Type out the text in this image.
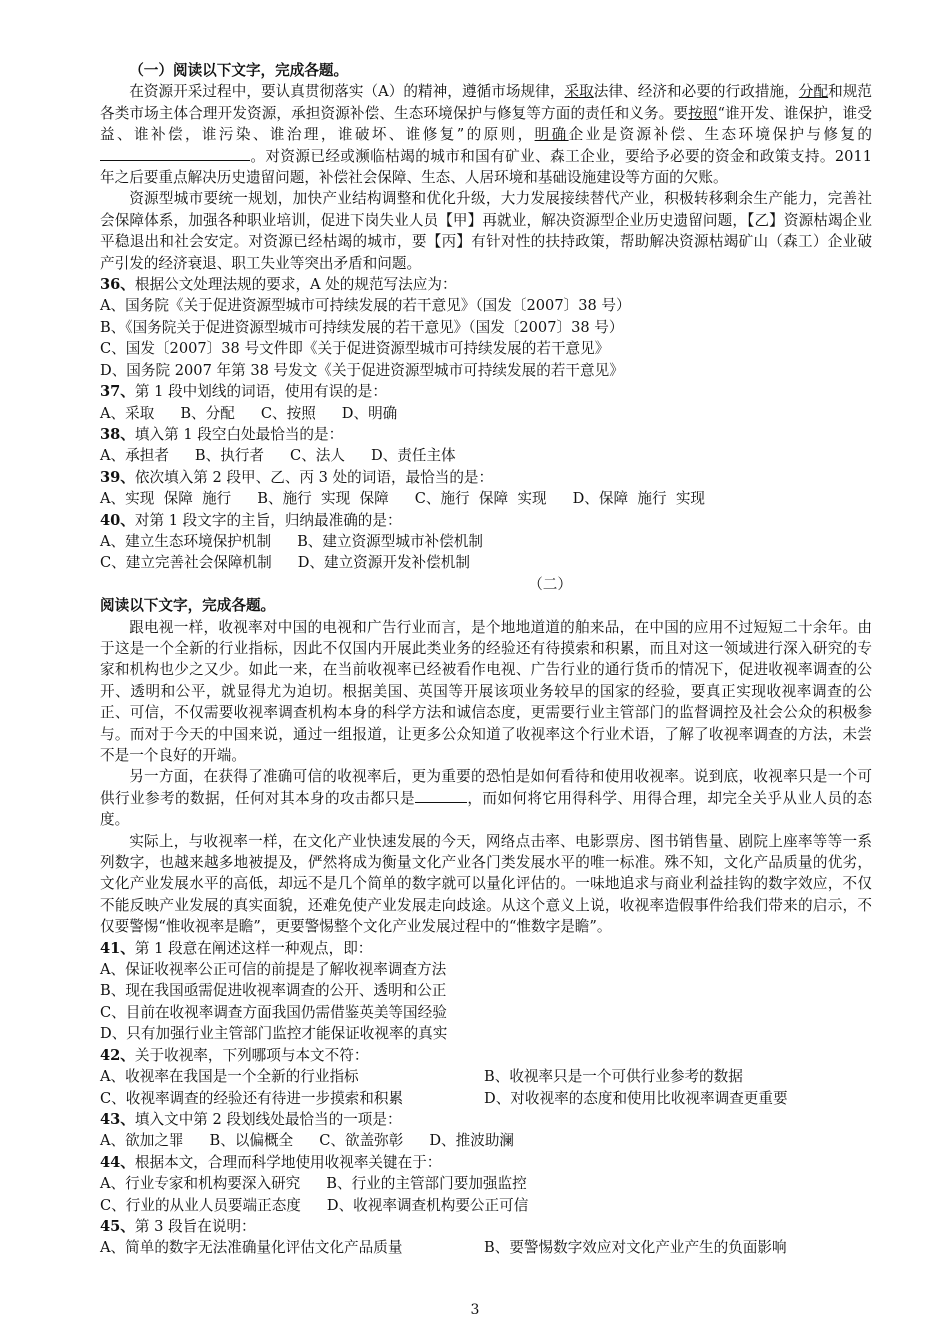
（一）阅读以下文字，完成各题。

在资源开采过程中，要认真贯彻落实（A）的精神，遵循市场规律，采取法律、经济和必要的行政措施，分配和规范各类市场主体合理开发资源，承担资源补偿、生态环境保护与修复等方面的责任和义务。要按照“谁开发、谁保护，谁受益、谁补偿，谁污染、谁治理，谁破坏、谁修复”的原则，明确企业是资源补偿、生态环境保护与修复的。对资源已经或濒临枯竭的城市和国有矿业、森工企业，要给予必要的资金和政策支持。2011 年之后要重点解决历史遗留问题，补偿社会保障、生态、人居环境和基础设施建设等方面的欠账。

资源型城市要统一规划，加快产业结构调整和优化升级，大力发展接续替代产业，积极转移剩余生产能力，完善社会保障体系，加强各种职业培训，促进下岗失业人员【甲】再就业，解决资源型企业历史遗留问题，【乙】资源枯竭企业平稳退出和社会安定。对资源已经枯竭的城市，要【丙】有针对性的扶持政策，帮助解决资源枯竭矿山（森工）企业破产引发的经济衰退、职工失业等突出矛盾和问题。

36、根据公文处理法规的要求，A 处的规范写法应为：

A、国务院《关于促进资源型城市可持续发展的若干意见》（国发〔2007〕38 号）

B、《国务院关于促进资源型城市可持续发展的若干意见》（国发〔2007〕38 号）

C、国发〔2007〕38 号文件即《关于促进资源型城市可持续发展的若干意见》

D、国务院 2007 年第 38 号发文《关于促进资源型城市可持续发展的若干意见》

37、第 1 段中划线的词语，使用有误的是：

A、采取 B、分配 C、按照 D、明确

38、填入第 1 段空白处最恰当的是：

A、承担者 B、执行者 C、法人 D、责任主体

39、依次填入第 2 段甲、乙、丙 3 处的词语，最恰当的是：

A、实现  保障  施行 B、施行  实现  保障 C、施行  保障  实现 D、保障  施行  实现

40、对第 1 段文字的主旨，归纳最准确的是：

A、建立生态环境保护机制 B、建立资源型城市补偿机制

C、建立完善社会保障机制 D、建立资源开发补偿机制

（二）

阅读以下文字，完成各题。

跟电视一样，收视率对中国的电视和广告行业而言，是个地地道道的舶来品，在中国的应用不过短短二十余年。由于这是一个全新的行业指标，因此不仅国内开展此类业务的经验还有待摸索和积累，而且对这一领域进行深入研究的专家和机构也少之又少。如此一来，在当前收视率已经被看作电视、广告行业的通行货币的情况下，促进收视率调查的公开、透明和公平，就显得尤为迫切。根据美国、英国等开展该项业务较早的国家的经验，要真正实现收视率调查的公正、可信，不仅需要收视率调查机构本身的科学方法和诚信态度，更需要行业主管部门的监督调控及社会公众的积极参与。而对于今天的中国来说，通过一组报道，让更多公众知道了收视率这个行业术语，了解了收视率调查的方法，未尝不是一个良好的开端。

另一方面，在获得了准确可信的收视率后，更为重要的恐怕是如何看待和使用收视率。说到底，收视率只是一个可供行业参考的数据，任何对其本身的攻击都只是	，而如何将它用得科学、用得合理，却完全关乎从业人员的态度。

实际上，与收视率一样，在文化产业快速发展的今天，网络点击率、电影票房、图书销售量、剧院上座率等等一系列数字，也越来越多地被提及，俨然将成为衡量文化产业各门类发展水平的唯一标准。殊不知，文化产品质量的优劣，文化产业发展水平的高低，却远不是几个简单的数字就可以量化评估的。一味地追求与商业利益挂钩的数字效应，不仅不能反映产业发展的真实面貌，还难免使产业发展走向歧途。从这个意义上说，收视率造假事件给我们带来的启示，不仅要警惕“惟收视率是瞻”，更要警惕整个文化产业发展过程中的“惟数字是瞻”。

41、第 1 段意在阐述这样一种观点，即：

A、保证收视率公正可信的前提是了解收视率调查方法

B、现在我国亟需促进收视率调查的公开、透明和公正

C、目前在收视率调查方面我国仍需借鉴英美等国经验

D、只有加强行业主管部门监控才能保证收视率的真实

42、关于收视率，下列哪项与本文不符：

A、收视率在我国是一个全新的行业指标	B、收视率只是一个可供行业参考的数据

C、收视率调查的经验还有待进一步摸索和积累	D、对收视率的态度和使用比收视率调查更重要

43、填入文中第 2 段划线处最恰当的一项是：

A、欲加之罪 B、以偏概全 C、欲盖弥彰 D、推波助澜

44、根据本文，合理而科学地使用收视率关键在于：

A、行业专家和机构要深入研究 B、行业的主管部门要加强监控

C、行业的从业人员要端正态度 D、收视率调查机构要公正可信

45、第 3 段旨在说明：

A、简单的数字无法准确量化评估文化产品质量	B、要警惕数字效应对文化产业产生的负面影响

3
